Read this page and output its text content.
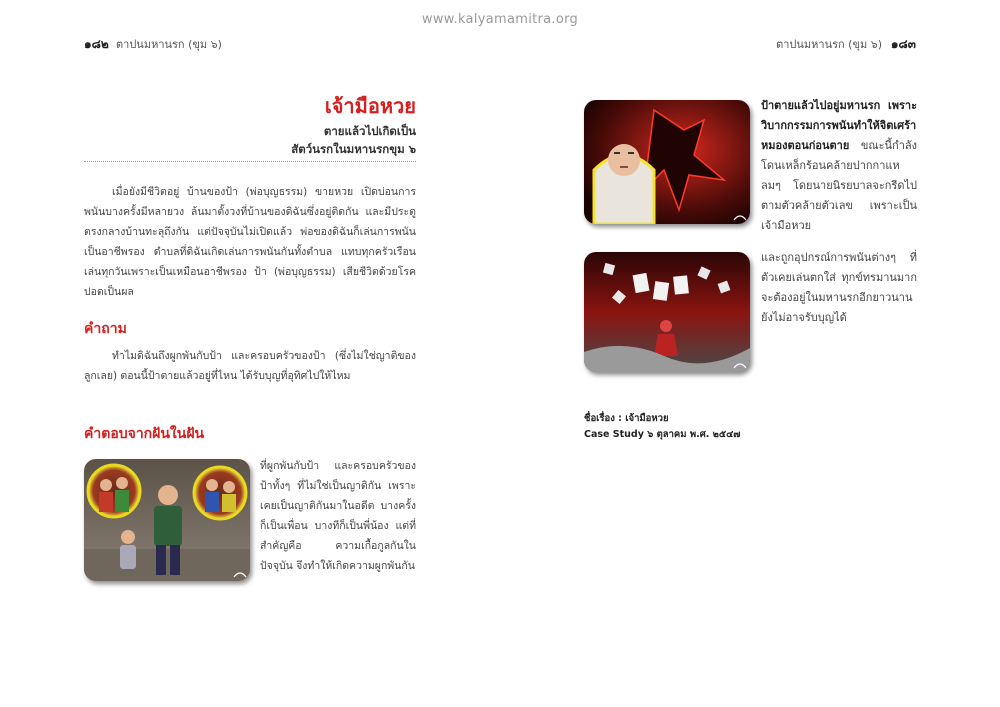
www.kalyamamitra.org
๑๘๒ ตาปนมหานรก (ขุม ๖)	ตาปนมหานรก (ขุม ๖) ๑๘๓
เจ้ามือหวย
ตายแล้วไปเกิดเป็น
สัตว์นรกในมหานรกขุม ๖
เมื่อยังมีชีวิตอยู่ บ้านของป้า (พ่อบุญธรรม) ขายหวย เปิดบ่อนการพนันบางครั้งมีหลายวง ล้นมาตั้งวงที่บ้านของดิฉันซึ่งอยู่ติดกัน และมีประตูตรงกลางบ้านทะลุถึงกัน แต่ปัจจุบันไม่เปิดแล้ว พ่อของดิฉันก็เล่นการพนันเป็นอาชีพรอง ดำบลที่ดิฉันเกิดเล่นการพนันกันทั้งตำบล แทบทุกครัวเรือน เล่นทุกวันเพราะเป็นเหมือนอาชีพรอง ป้า (พ่อบุญธรรม) เสียชีวิตด้วยโรคปอดเป็นผล
คำถาม
ทำไมดิฉันถึงผูกพันกับป้า และครอบครัวของป้า (ซึ่งไม่ใช่ญาติของลูกเลย) ตอนนี้ป้าตายแล้วอยู่ที่ไหน ได้รับบุญที่อุทิศไปให้ไหม
คำตอบจากฝันในฝัน
ที่ผูกพันกับป้า และครอบครัวของป้าทั้งๆ ที่ไม่ใช่เป็นญาติกัน เพราะเคยเป็นญาติกันมาในอดีต บางครั้งก็เป็นเพื่อน บางทีก็เป็นพี่น้อง แต่ที่สำคัญคือ ความเกื้อกูลกันในปัจจุบัน จึงทำให้เกิดความผูกพันกัน
ป้าตายแล้วไปอยู่มหานรก เพราะวิบากกรรมการพนันทำให้จิตเศร้าหมองตอนก่อนตาย ขณะนี้กำลังโดนเหล็กร้อนคล้ายปากกาแหลมๆ โดยนายนิรยบาลจะกรีดไปตามตัวคล้ายตัวเลข เพราะเป็นเจ้ามือหวย
และถูกอุปกรณ์การพนันต่างๆ ที่ตัวเคยเล่นตกใส่ ทุกข์ทรมานมาก จะต้องอยู่ในมหานรกอีกยาวนาน ยังไม่อาจรับบุญได้
ชื่อเรื่อง : เจ้ามือหวย
Case Study ๖ ตุลาคม พ.ศ. ๒๕๔๗
